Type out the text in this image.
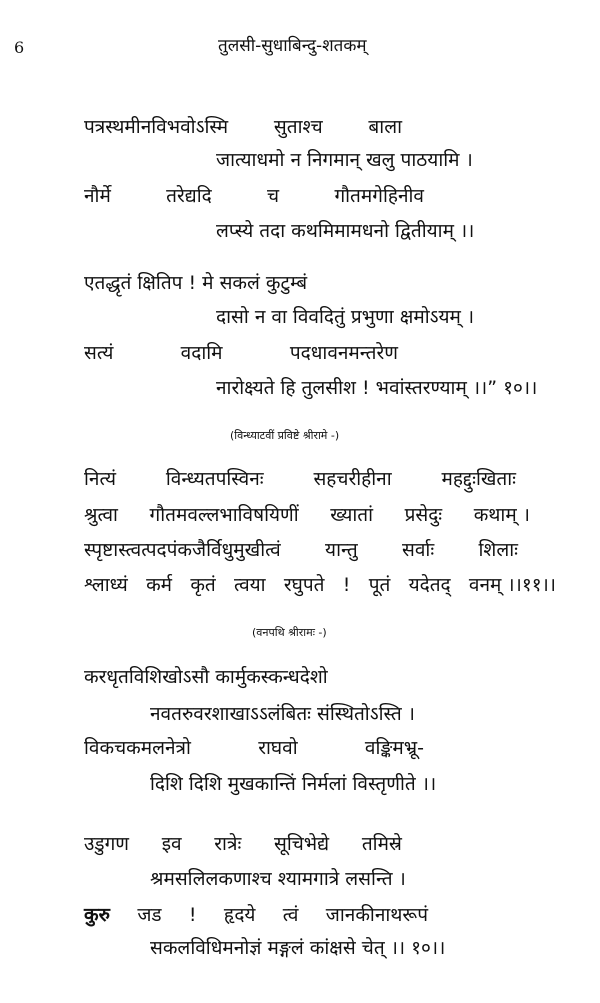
6	तुलसी-सुधाबिन्दु-शतकम्
पत्रस्थमीनविभवोऽस्मि सुताश्च बाला
जात्याधमो न निगमान् खलु पाठयामि ।
नौर्मे	तरेद्यदि	च	गौतमगेहिनीव
लप्स्ये तदा कथमिमामधनो द्वितीयाम् ।।
एतद्धृतं क्षितिप ! मे सकलं कुटुम्बं
दासो न वा विवदितुं प्रभुणा क्षमोऽयम् ।
सत्यं	वदामि	पदधावनमन्तरेण
नारोक्ष्यते हि तुलसीश ! भवांस्तरण्याम् ।।” १०।।
(विन्ध्याटवीं प्रविष्टे श्रीरामे -)
नित्यं	विन्ध्यतपस्विनः	सहचरीहीना	महद्दुःखिताः
श्रुत्वा गौतमवल्लभाविषयिणीं ख्यातां प्रसेदुः कथाम् ।
स्पृष्टास्त्वत्पदपंकजैर्विधुमुखीत्वं यान्तु सर्वाः शिलाः
श्लाध्यं कर्म कृतं त्वया रघुपते ! पूतं यदेतद् वनम् ।।११।।
(वनपथि श्रीरामः -)
करधृतविशिखोऽसौ कार्मुकस्कन्धदेशो
नवतरुवरशाखाऽऽलंबितः संस्थितोऽस्ति ।
विकचकमलनेत्रो	राघवो	वङ्किमभ्रू-
दिशि दिशि मुखकान्तिं निर्मलां विस्तृणीते ।।
उडुगण इव रात्रेः सूचिभेद्ये तमिस्रे
श्रमसलिलकणाश्च श्यामगात्रे लसन्ति ।
कुरु जड ! हृदये त्वं जानकीनाथरूपं
सकलविधिमनोज्ञं मङ्गलं कांक्षसे चेत् ।। १०।।
